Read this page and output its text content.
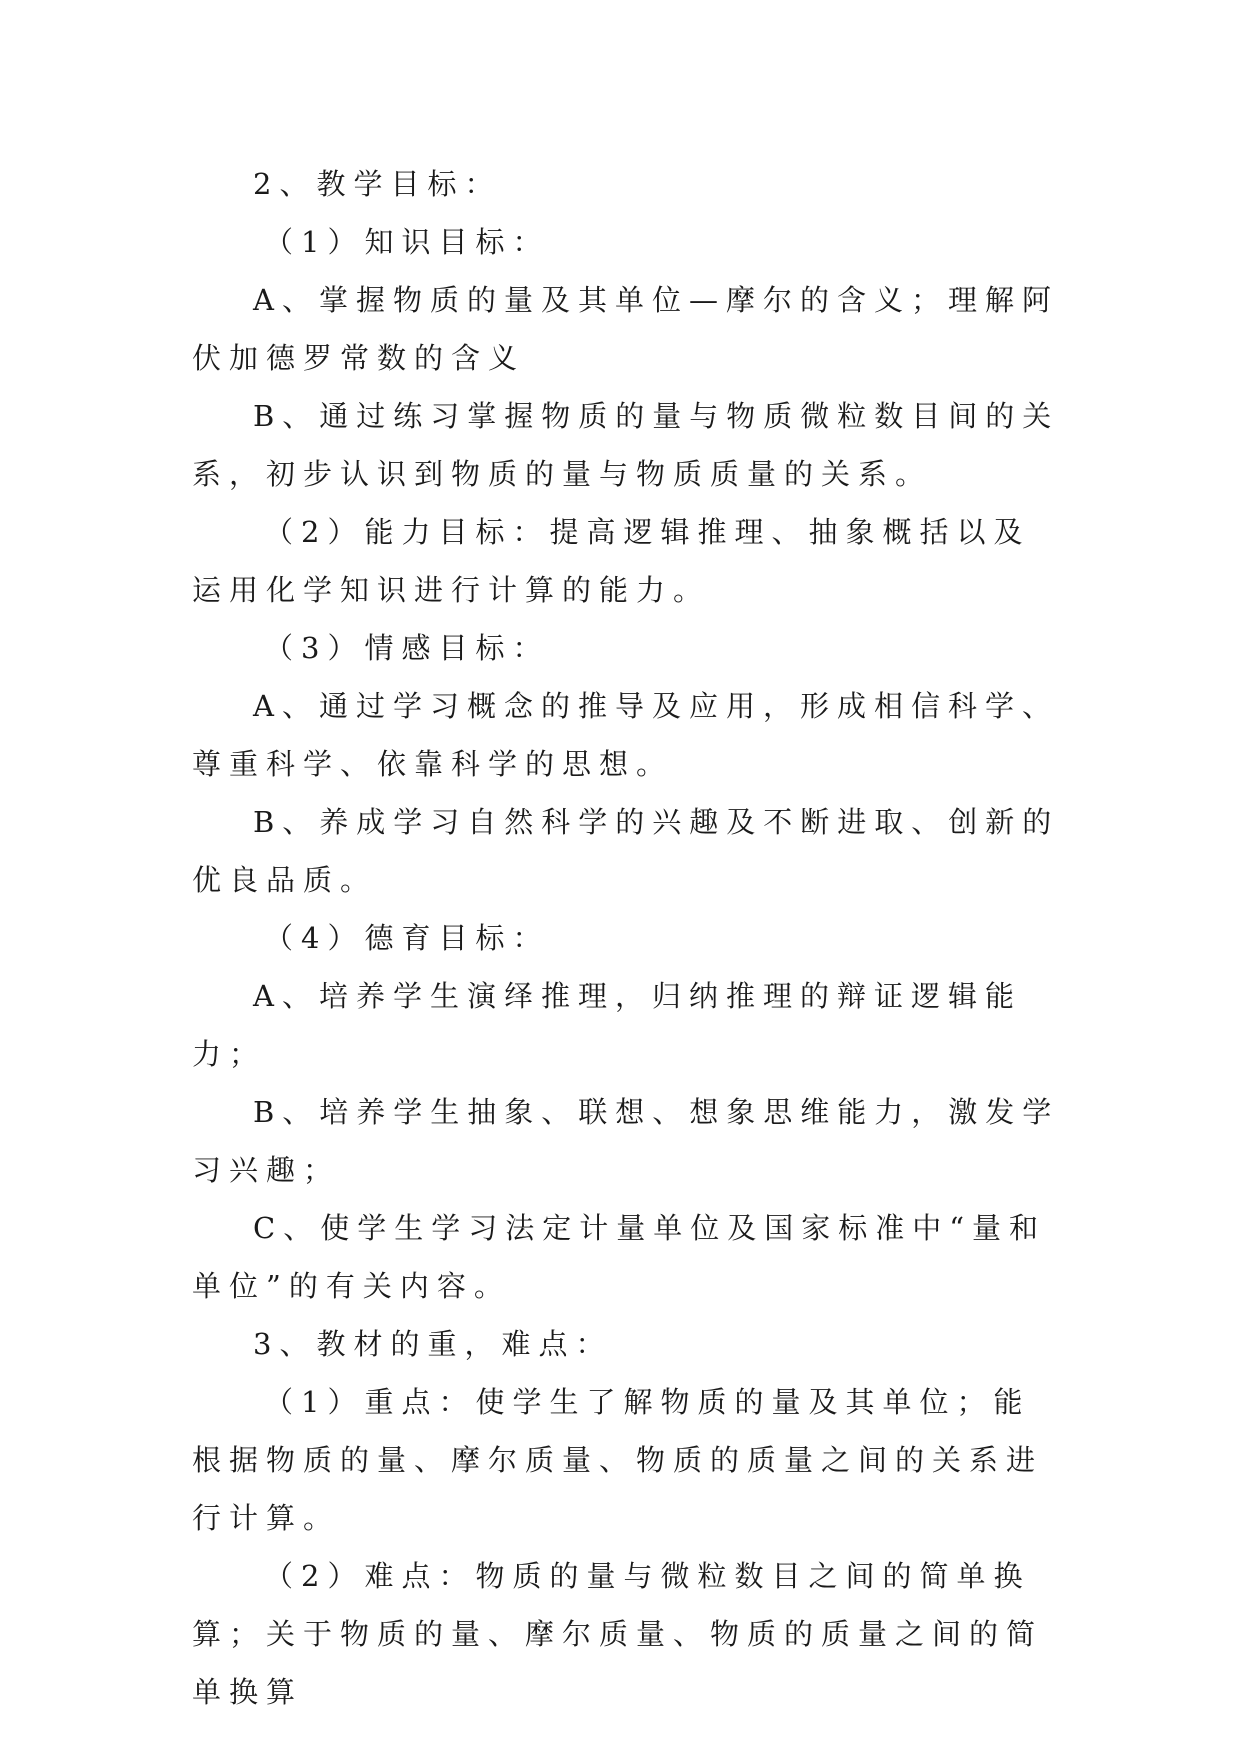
2、教学目标：

（1）知识目标：

A、掌握物质的量及其单位—摩尔的含义；理解阿伏加德罗常数的含义

B、通过练习掌握物质的量与物质微粒数目间的关系，初步认识到物质的量与物质质量的关系。

（2）能力目标：提高逻辑推理、抽象概括以及运用化学知识进行计算的能力。

（3）情感目标：

A、通过学习概念的推导及应用，形成相信科学、尊重科学、依靠科学的思想。

B、养成学习自然科学的兴趣及不断进取、创新的优良品质。

（4）德育目标：

A、培养学生演绎推理，归纳推理的辩证逻辑能力；

B、培养学生抽象、联想、想象思维能力，激发学习兴趣；

C、使学生学习法定计量单位及国家标准中“量和单位”的有关内容。

3、教材的重，难点：

（1）重点：使学生了解物质的量及其单位；能根据物质的量、摩尔质量、物质的质量之间的关系进行计算。

（2）难点：物质的量与微粒数目之间的简单换算；关于物质的量、摩尔质量、物质的质量之间的简单换算
